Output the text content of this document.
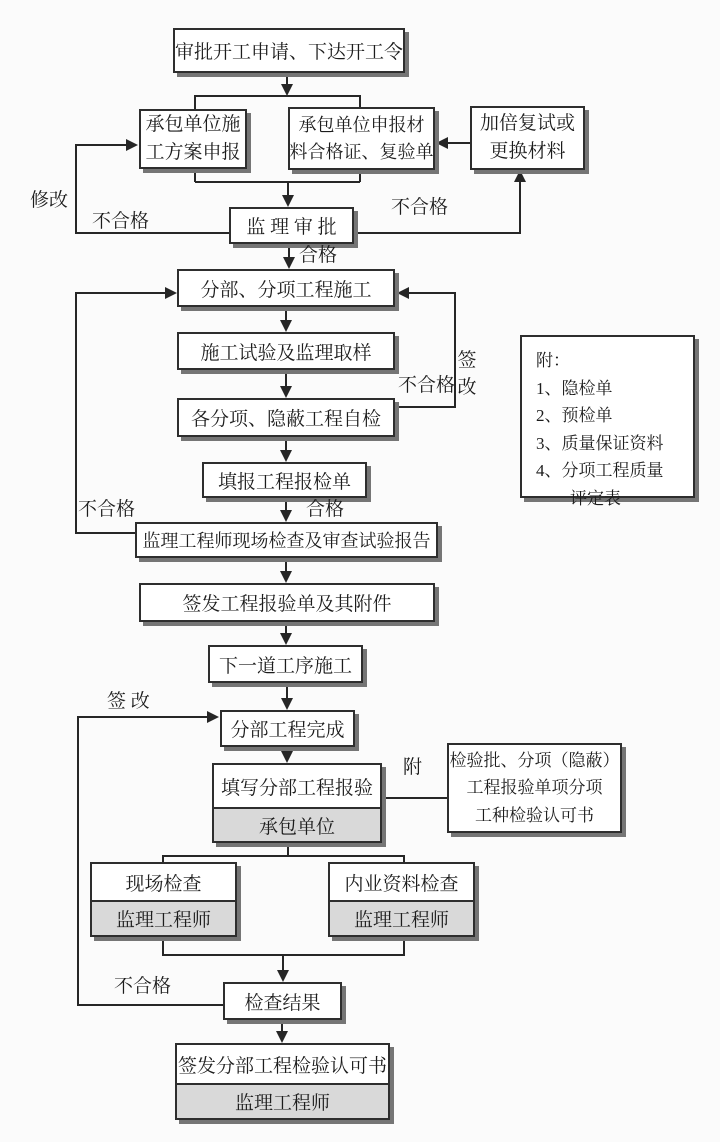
审批开工申请、下达开工令
承包单位施
工方案申报
承包单位申报材
料合格证、复验单
加倍复试或
更换材料
监 理 审 批
分部、分项工程施工
施工试验及监理取样
各分项、隐蔽工程自检
填报工程报检单
监理工程师现场检查及审查试验报告
签发工程报验单及其附件
下一道工序施工
分部工程完成
填写分部工程报验
承包单位
检验批、分项（隐蔽）
工程报验单项分项
工种检验认可书
现场检查
监理工程师
内业资料检查
监理工程师
检查结果
签发分部工程检验认可书
监理工程师
附：
1、隐检单
2、预检单
3、质量保证资料
4、分项工程质量
评定表
修改
不合格
不合格
合格
不合格
签
改
不合格	合格
签 改
附
不合格
